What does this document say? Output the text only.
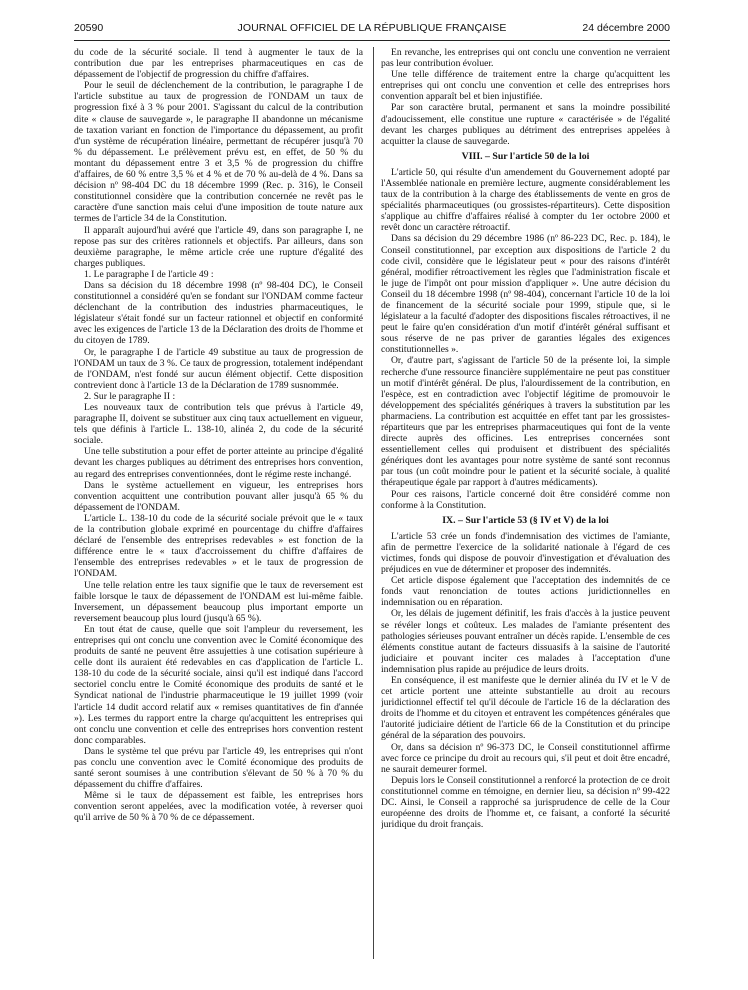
20590	JOURNAL OFFICIEL DE LA RÉPUBLIQUE FRANÇAISE	24 décembre 2000

du code de la sécurité sociale. Il tend à augmenter le taux de la contribution due par les entreprises pharmaceutiques en cas de dépassement de l'objectif de progression du chiffre d'affaires.

Pour le seuil de déclenchement de la contribution, le paragraphe I de l'article substitue au taux de progression de l'ONDAM un taux de progression fixé à 3 % pour 2001. S'agissant du calcul de la contribution dite « clause de sauvegarde », le paragraphe II abandonne un mécanisme de taxation variant en fonction de l'importance du dépassement, au profit d'un système de récupération linéaire, permettant de récupérer jusqu'à 70 % du dépassement. Le prélèvement prévu est, en effet, de 50 % du montant du dépassement entre 3 et 3,5 % de progression du chiffre d'affaires, de 60 % entre 3,5 % et 4 % et de 70 % au-delà de 4 %. Dans sa décision nº 98-404 DC du 18 décembre 1999 (Rec. p. 316), le Conseil constitutionnel considère que la contribution concernée ne revêt pas le caractère d'une sanction mais celui d'une imposition de toute nature aux termes de l'article 34 de la Constitution.

Il apparaît aujourd'hui avéré que l'article 49, dans son paragraphe I, ne repose pas sur des critères rationnels et objectifs. Par ailleurs, dans son deuxième paragraphe, le même article crée une rupture d'égalité des charges publiques.

1. Le paragraphe I de l'article 49 :

Dans sa décision du 18 décembre 1998 (nº 98-404 DC), le Conseil constitutionnel a considéré qu'en se fondant sur l'ONDAM comme facteur déclenchant de la contribution des industries pharmaceutiques, le législateur s'était fondé sur un facteur rationnel et objectif en conformité avec les exigences de l'article 13 de la Déclaration des droits de l'homme et du citoyen de 1789.

Or, le paragraphe I de l'article 49 substitue au taux de progression de l'ONDAM un taux de 3 %. Ce taux de progression, totalement indépendant de l'ONDAM, n'est fondé sur aucun élément objectif. Cette disposition contrevient donc à l'article 13 de la Déclaration de 1789 susnommée.

2. Sur le paragraphe II :

Les nouveaux taux de contribution tels que prévus à l'article 49, paragraphe II, doivent se substituer aux cinq taux actuellement en vigueur, tels que définis à l'article L. 138-10, alinéa 2, du code de la sécurité sociale.

Une telle substitution a pour effet de porter atteinte au principe d'égalité devant les charges publiques au détriment des entreprises hors convention, au regard des entreprises conventionnées, dont le régime reste inchangé.

Dans le système actuellement en vigueur, les entreprises hors convention acquittent une contribution pouvant aller jusqu'à 65 % du dépassement de l'ONDAM.

L'article L. 138-10 du code de la sécurité sociale prévoit que le « taux de la contribution globale exprimé en pourcentage du chiffre d'affaires déclaré de l'ensemble des entreprises redevables » est fonction de la différence entre le « taux d'accroissement du chiffre d'affaires de l'ensemble des entreprises redevables » et le taux de progression de l'ONDAM.

Une telle relation entre les taux signifie que le taux de reversement est faible lorsque le taux de dépassement de l'ONDAM est lui-même faible. Inversement, un dépassement beaucoup plus important emporte un reversement beaucoup plus lourd (jusqu'à 65 %).

En tout état de cause, quelle que soit l'ampleur du reversement, les entreprises qui ont conclu une convention avec le Comité économique des produits de santé ne peuvent être assujetties à une cotisation supérieure à celle dont ils auraient été redevables en cas d'application de l'article L. 138-10 du code de la sécurité sociale, ainsi qu'il est indiqué dans l'accord sectoriel conclu entre le Comité économique des produits de santé et le Syndicat national de l'industrie pharmaceutique le 19 juillet 1999 (voir l'article 14 dudit accord relatif aux « remises quantitatives de fin d'année »). Les termes du rapport entre la charge qu'acquittent les entreprises qui ont conclu une convention et celle des entreprises hors convention restent donc comparables.

Dans le système tel que prévu par l'article 49, les entreprises qui n'ont pas conclu une convention avec le Comité économique des produits de santé seront soumises à une contribution s'élevant de 50 % à 70 % du dépassement du chiffre d'affaires.

Même si le taux de dépassement est faible, les entreprises hors convention seront appelées, avec la modification votée, à reverser quoi qu'il arrive de 50 % à 70 % de ce dépassement.

En revanche, les entreprises qui ont conclu une convention ne verraient pas leur contribution évoluer.

Une telle différence de traitement entre la charge qu'acquittent les entreprises qui ont conclu une convention et celle des entreprises hors convention apparaît bel et bien injustifiée.

Par son caractère brutal, permanent et sans la moindre possibilité d'adoucissement, elle constitue une rupture « caractérisée » de l'égalité devant les charges publiques au détriment des entreprises appelées à acquitter la clause de sauvegarde.

VIII. – Sur l'article 50 de la loi

L'article 50, qui résulte d'un amendement du Gouvernement adopté par l'Assemblée nationale en première lecture, augmente considérablement les taux de la contribution à la charge des établissements de vente en gros de spécialités pharmaceutiques (ou grossistes-répartiteurs). Cette disposition s'applique au chiffre d'affaires réalisé à compter du 1er octobre 2000 et revêt donc un caractère rétroactif.

Dans sa décision du 29 décembre 1986 (nº 86-223 DC, Rec. p. 184), le Conseil constitutionnel, par exception aux dispositions de l'article 2 du code civil, considère que le législateur peut « pour des raisons d'intérêt général, modifier rétroactivement les règles que l'administration fiscale et le juge de l'impôt ont pour mission d'appliquer ». Une autre décision du Conseil du 18 décembre 1998 (nº 98-404), concernant l'article 10 de la loi de financement de la sécurité sociale pour 1999, stipule que, si le législateur a la faculté d'adopter des dispositions fiscales rétroactives, il ne peut le faire qu'en considération d'un motif d'intérêt général suffisant et sous réserve de ne pas priver de garanties légales des exigences constitutionnelles ».

Or, d'autre part, s'agissant de l'article 50 de la présente loi, la simple recherche d'une ressource financière supplémentaire ne peut pas constituer un motif d'intérêt général. De plus, l'alourdissement de la contribution, en l'espèce, est en contradiction avec l'objectif légitime de promouvoir le développement des spécialités génériques à travers la substitution par les pharmaciens. La contribution est acquittée en effet tant par les grossistes-répartiteurs que par les entreprises pharmaceutiques qui font de la vente directe auprès des officines. Les entreprises concernées sont essentiellement celles qui produisent et distribuent des spécialités génériques dont les avantages pour notre système de santé sont reconnus par tous (un coût moindre pour le patient et la sécurité sociale, à qualité thérapeutique égale par rapport à d'autres médicaments).

Pour ces raisons, l'article concerné doit être considéré comme non conforme à la Constitution.

IX. – Sur l'article 53 (§ IV et V) de la loi

L'article 53 crée un fonds d'indemnisation des victimes de l'amiante, afin de permettre l'exercice de la solidarité nationale à l'égard de ces victimes, fonds qui dispose de pouvoir d'investigation et d'évaluation des préjudices en vue de déterminer et proposer des indemnités.

Cet article dispose également que l'acceptation des indemnités de ce fonds vaut renonciation de toutes actions juridictionnelles en indemnisation ou en réparation.

Or, les délais de jugement définitif, les frais d'accès à la justice peuvent se révéler longs et coûteux. Les malades de l'amiante présentent des pathologies sérieuses pouvant entraîner un décès rapide. L'ensemble de ces éléments constitue autant de facteurs dissuasifs à la saisine de l'autorité judiciaire et pouvant inciter ces malades à l'acceptation d'une indemnisation plus rapide au préjudice de leurs droits.

En conséquence, il est manifeste que le dernier alinéa du IV et le V de cet article portent une atteinte substantielle au droit au recours juridictionnel effectif tel qu'il découle de l'article 16 de la déclaration des droits de l'homme et du citoyen et entravent les compétences générales que l'autorité judiciaire détient de l'article 66 de la Constitution et du principe général de la séparation des pouvoirs.

Or, dans sa décision nº 96-373 DC, le Conseil constitutionnel affirme avec force ce principe du droit au recours qui, s'il peut et doit être encadré, ne saurait demeurer formel.

Depuis lors le Conseil constitutionnel a renforcé la protection de ce droit constitutionnel comme en témoigne, en dernier lieu, sa décision nº 99-422 DC. Ainsi, le Conseil a rapproché sa jurisprudence de celle de la Cour européenne des droits de l'homme et, ce faisant, a conforté la sécurité juridique du droit français.
